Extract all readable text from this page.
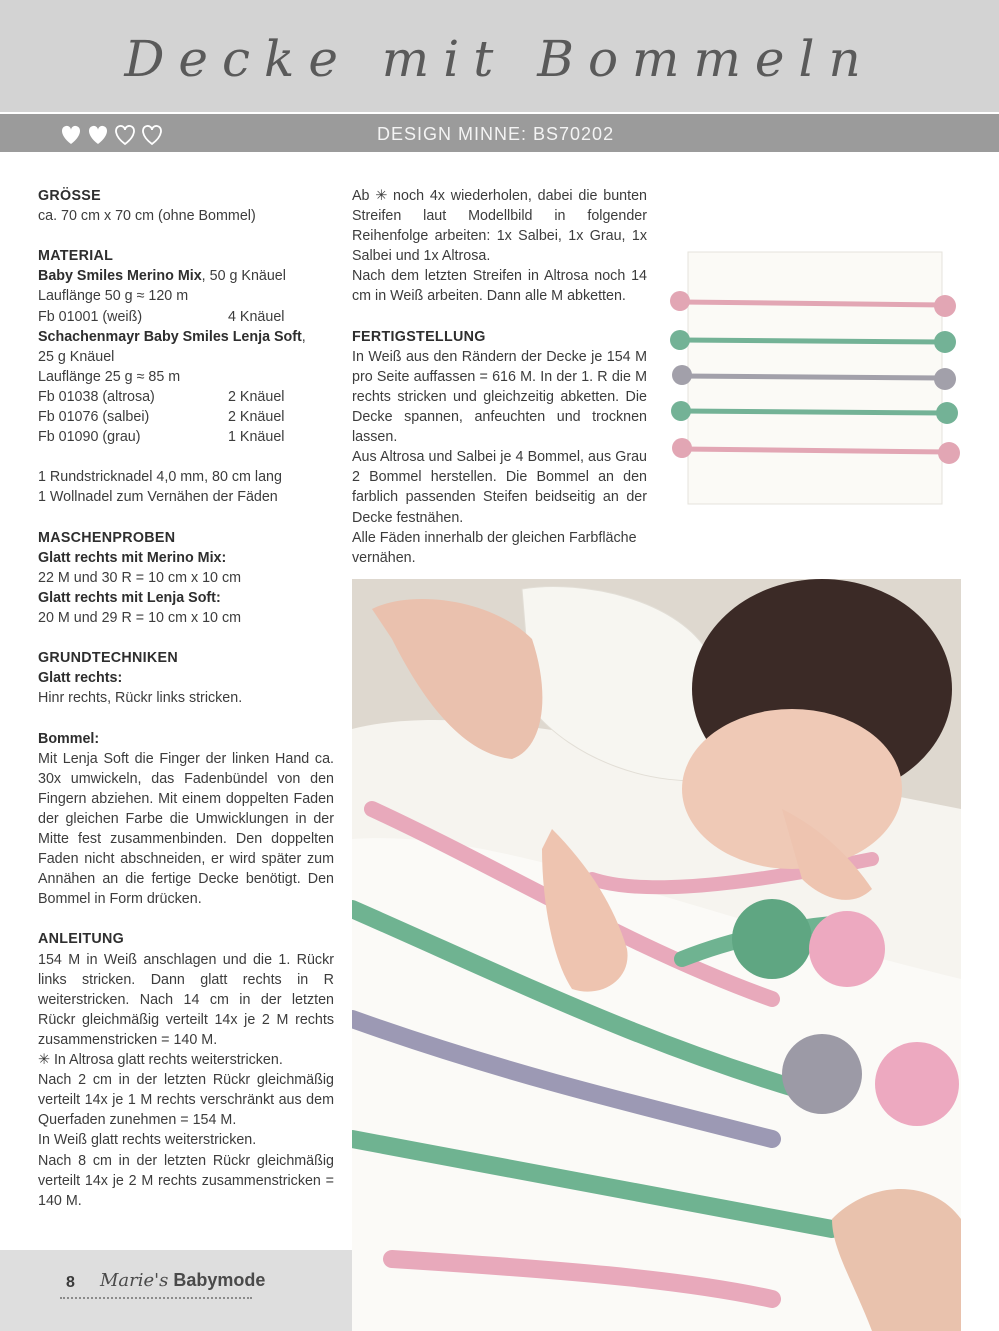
Decke mit Bommeln
DESIGN MINNE: BS70202

GRÖSSE

ca. 70 cm x 70 cm (ohne Bommel)

MATERIAL

Baby Smiles Merino Mix, 50 g Knäuel

Lauflänge 50 g ≈ 120 m

Fb 01001 (weiß)	4 Knäuel

Schachenmayr Baby Smiles Lenja Soft,

25 g Knäuel

Lauflänge 25 g ≈ 85 m

Fb 01038 (altrosa)	2 Knäuel
Fb 01076 (salbei)	2 Knäuel
Fb 01090 (grau)	1 Knäuel

1 Rundstricknadel 4,0 mm, 80 cm lang

1 Wollnadel zum Vernähen der Fäden

MASCHENPROBEN

Glatt rechts mit Merino Mix:

22 M und 30 R = 10 cm x 10 cm

Glatt rechts mit Lenja Soft:

20 M und 29 R = 10 cm x 10 cm

GRUNDTECHNIKEN

Glatt rechts:

Hinr rechts, Rückr links stricken.

Bommel:

Mit Lenja Soft die Finger der linken Hand ca. 30x umwickeln, das Fadenbündel von den Fingern abziehen. Mit einem doppelten Faden der gleichen Farbe die Umwicklungen in der Mitte fest zusammenbinden. Den doppelten Faden nicht abschneiden, er wird später zum Annähen an die fertige Decke benötigt. Den Bommel in Form drücken.

ANLEITUNG

154 M in Weiß anschlagen und die 1. Rückr links stricken. Dann glatt rechts in R weiterstricken. Nach 14 cm in der letzten Rückr gleichmäßig verteilt 14x je 2 M rechts zusammenstricken = 140 M.

✳ In Altrosa glatt rechts weiterstricken.

Nach 2 cm in der letzten Rückr gleichmäßig verteilt 14x je 1 M rechts verschränkt aus dem Querfaden zunehmen = 154 M.

In Weiß glatt rechts weiterstricken.

Nach 8 cm in der letzten Rückr gleichmäßig verteilt 14x je 2 M rechts zusammenstricken = 140 M.

Ab ✳ noch 4x wiederholen, dabei die bunten Streifen laut Modellbild in folgender Reihenfolge arbeiten: 1x Salbei, 1x Grau, 1x Salbei und 1x Altrosa.

Nach dem letzten Streifen in Altrosa noch 14 cm in Weiß arbeiten. Dann alle M abketten.

FERTIGSTELLUNG

In Weiß aus den Rändern der Decke je 154 M pro Seite auffassen = 616 M. In der 1. R die M rechts stricken und gleichzeitig abketten. Die Decke spannen, anfeuchten und trocknen lassen.

Aus Altrosa und Salbei je 4 Bommel, aus Grau 2 Bommel herstellen. Die Bommel an den farblich passenden Steifen beidseitig an der Decke festnähen.

Alle Fäden innerhalb der gleichen Farbfläche vernähen.

8 Marie's Babymode
